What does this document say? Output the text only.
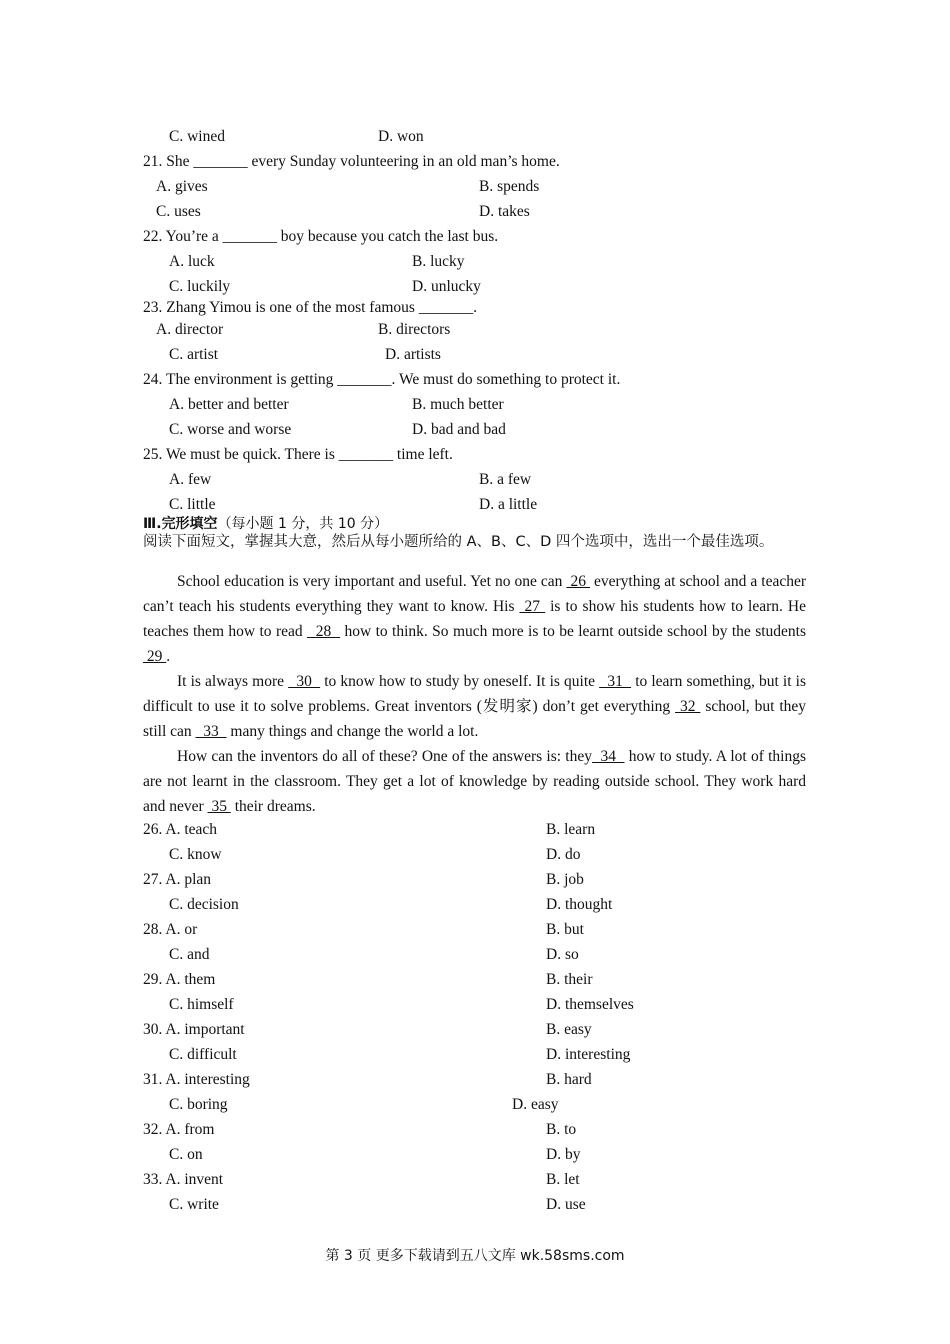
C. wined	D. won
21. She _______ every Sunday volunteering in an old man’s home.
A. gives	B. spends
C. uses	D. takes
22. You’re a _______ boy because you catch the last bus.
A. luck	B. lucky
C. luckily	D. unlucky
23. Zhang Yimou is one of the most famous _______.
A. director	B. directors
C. artist	D. artists
24. The environment is getting _______. We must do something to protect it.
A. better and better	B. much better
C. worse and worse	D. bad and bad
25. We must be quick. There is _______ time left.
A. few	B. a few
C. little	D. a little
Ⅲ.完形填空（每小题 1 分，共 10 分）
阅读下面短文，掌握其大意，然后从每小题所给的 A、B、C、D 四个选项中，选出一个最佳选项。
School education is very important and useful. Yet no one can  26  everything at school and a teacher can’t teach his students everything they want to know. His  27  is to show his students how to learn. He teaches them how to read   28   how to think. So much more is to be learnt outside school by the students  29 .
It is always more   30   to know how to study by oneself. It is quite   31   to learn something, but it is difficult to use it to solve problems. Great inventors (发明家) don’t get everything  32  school, but they still can   33   many things and change the world a lot.
How can the inventors do all of these? One of the answers is: they  34   how to study. A lot of things are not learnt in the classroom. They get a lot of knowledge by reading outside school. They work hard and never  35  their dreams.
26. A. teach	B. learn
C. know	D. do
27. A. plan	B. job
C. decision	D. thought
28. A. or	B. but
C. and	D. so
29. A. them	B. their
C. himself	D. themselves
30. A. important	B. easy
C. difficult	D. interesting
31. A. interesting	B. hard
C. boring	D. easy
32. A. from	B. to
C. on	D. by
33. A. invent	B. let
C. write	D. use
第 3 页 更多下载请到五八文库 wk.58sms.com
